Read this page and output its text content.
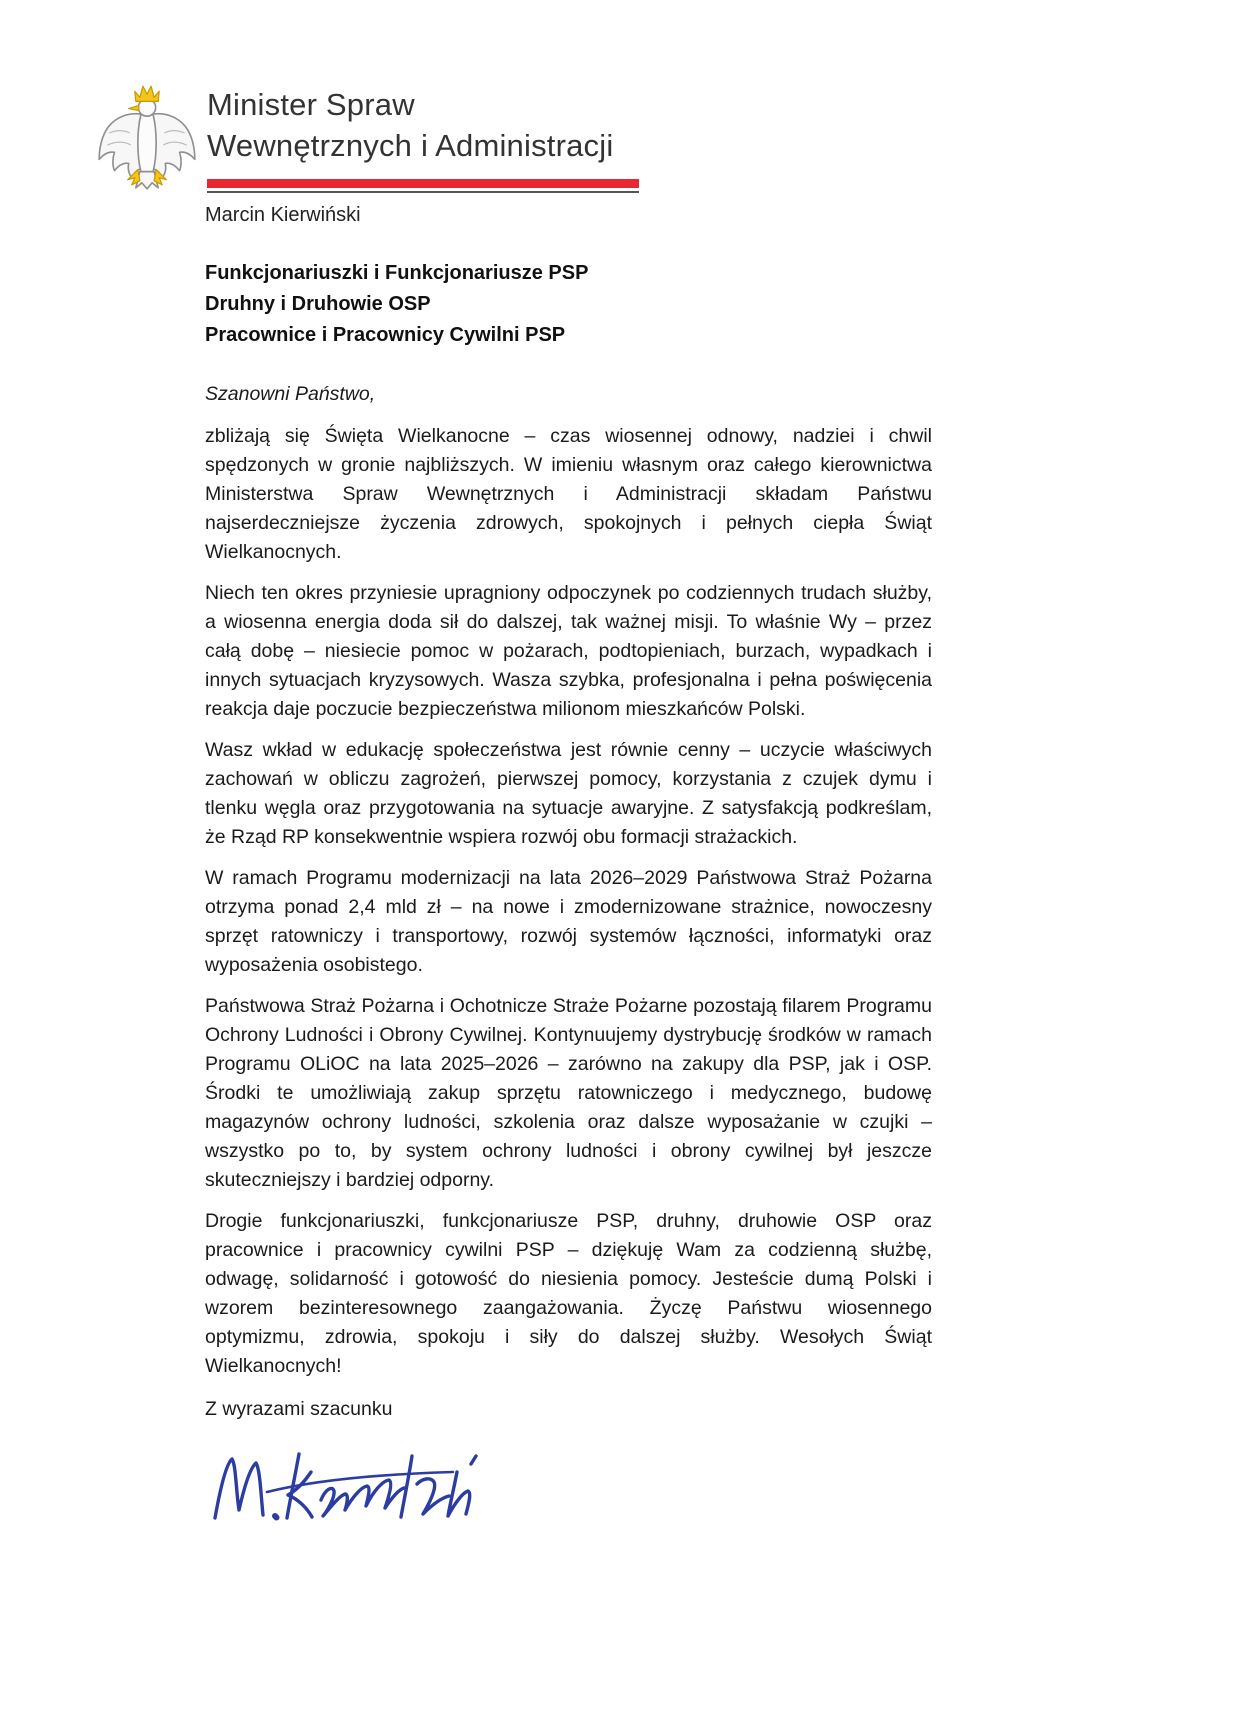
Minister Spraw
Wewnętrznych i Administracji
Marcin Kierwiński
Funkcjonariuszki i Funkcjonariusze PSP
Druhny i Druhowie OSP
Pracownice i Pracownicy Cywilni PSP
Szanowni Państwo,

zbliżają się Święta Wielkanocne – czas wiosennej odnowy, nadziei i chwil spędzonych w gronie najbliższych. W imieniu własnym oraz całego kierownictwa Ministerstwa Spraw Wewnętrznych i Administracji składam Państwu najserdeczniejsze życzenia zdrowych, spokojnych i pełnych ciepła Świąt Wielkanocnych.

Niech ten okres przyniesie upragniony odpoczynek po codziennych trudach służby, a wiosenna energia doda sił do dalszej, tak ważnej misji. To właśnie Wy – przez całą dobę – niesiecie pomoc w pożarach, podtopieniach, burzach, wypadkach i innych sytuacjach kryzysowych. Wasza szybka, profesjonalna i pełna poświęcenia reakcja daje poczucie bezpieczeństwa milionom mieszkańców Polski.

Wasz wkład w edukację społeczeństwa jest równie cenny – uczycie właściwych zachowań w obliczu zagrożeń, pierwszej pomocy, korzystania z czujek dymu i tlenku węgla oraz przygotowania na sytuacje awaryjne. Z satysfakcją podkreślam, że Rząd RP konsekwentnie wspiera rozwój obu formacji strażackich.

W ramach Programu modernizacji na lata 2026–2029 Państwowa Straż Pożarna otrzyma ponad 2,4 mld zł – na nowe i zmodernizowane strażnice, nowoczesny sprzęt ratowniczy i transportowy, rozwój systemów łączności, informatyki oraz wyposażenia osobistego.

Państwowa Straż Pożarna i Ochotnicze Straże Pożarne pozostają filarem Programu Ochrony Ludności i Obrony Cywilnej. Kontynuujemy dystrybucję środków w ramach Programu OLiOC na lata 2025–2026 – zarówno na zakupy dla PSP, jak i OSP. Środki te umożliwiają zakup sprzętu ratowniczego i medycznego, budowę magazynów ochrony ludności, szkolenia oraz dalsze wyposażanie w czujki – wszystko po to, by system ochrony ludności i obrony cywilnej był jeszcze skuteczniejszy i bardziej odporny.

Drogie funkcjonariuszki, funkcjonariusze PSP, druhny, druhowie OSP oraz pracownice i pracownicy cywilni PSP – dziękuję Wam za codzienną służbę, odwagę, solidarność i gotowość do niesienia pomocy. Jesteście dumą Polski i wzorem bezinteresownego zaangażowania. Życzę Państwu wiosennego optymizmu, zdrowia, spokoju i siły do dalszej służby. Wesołych Świąt Wielkanocnych!

Z wyrazami szacunku
